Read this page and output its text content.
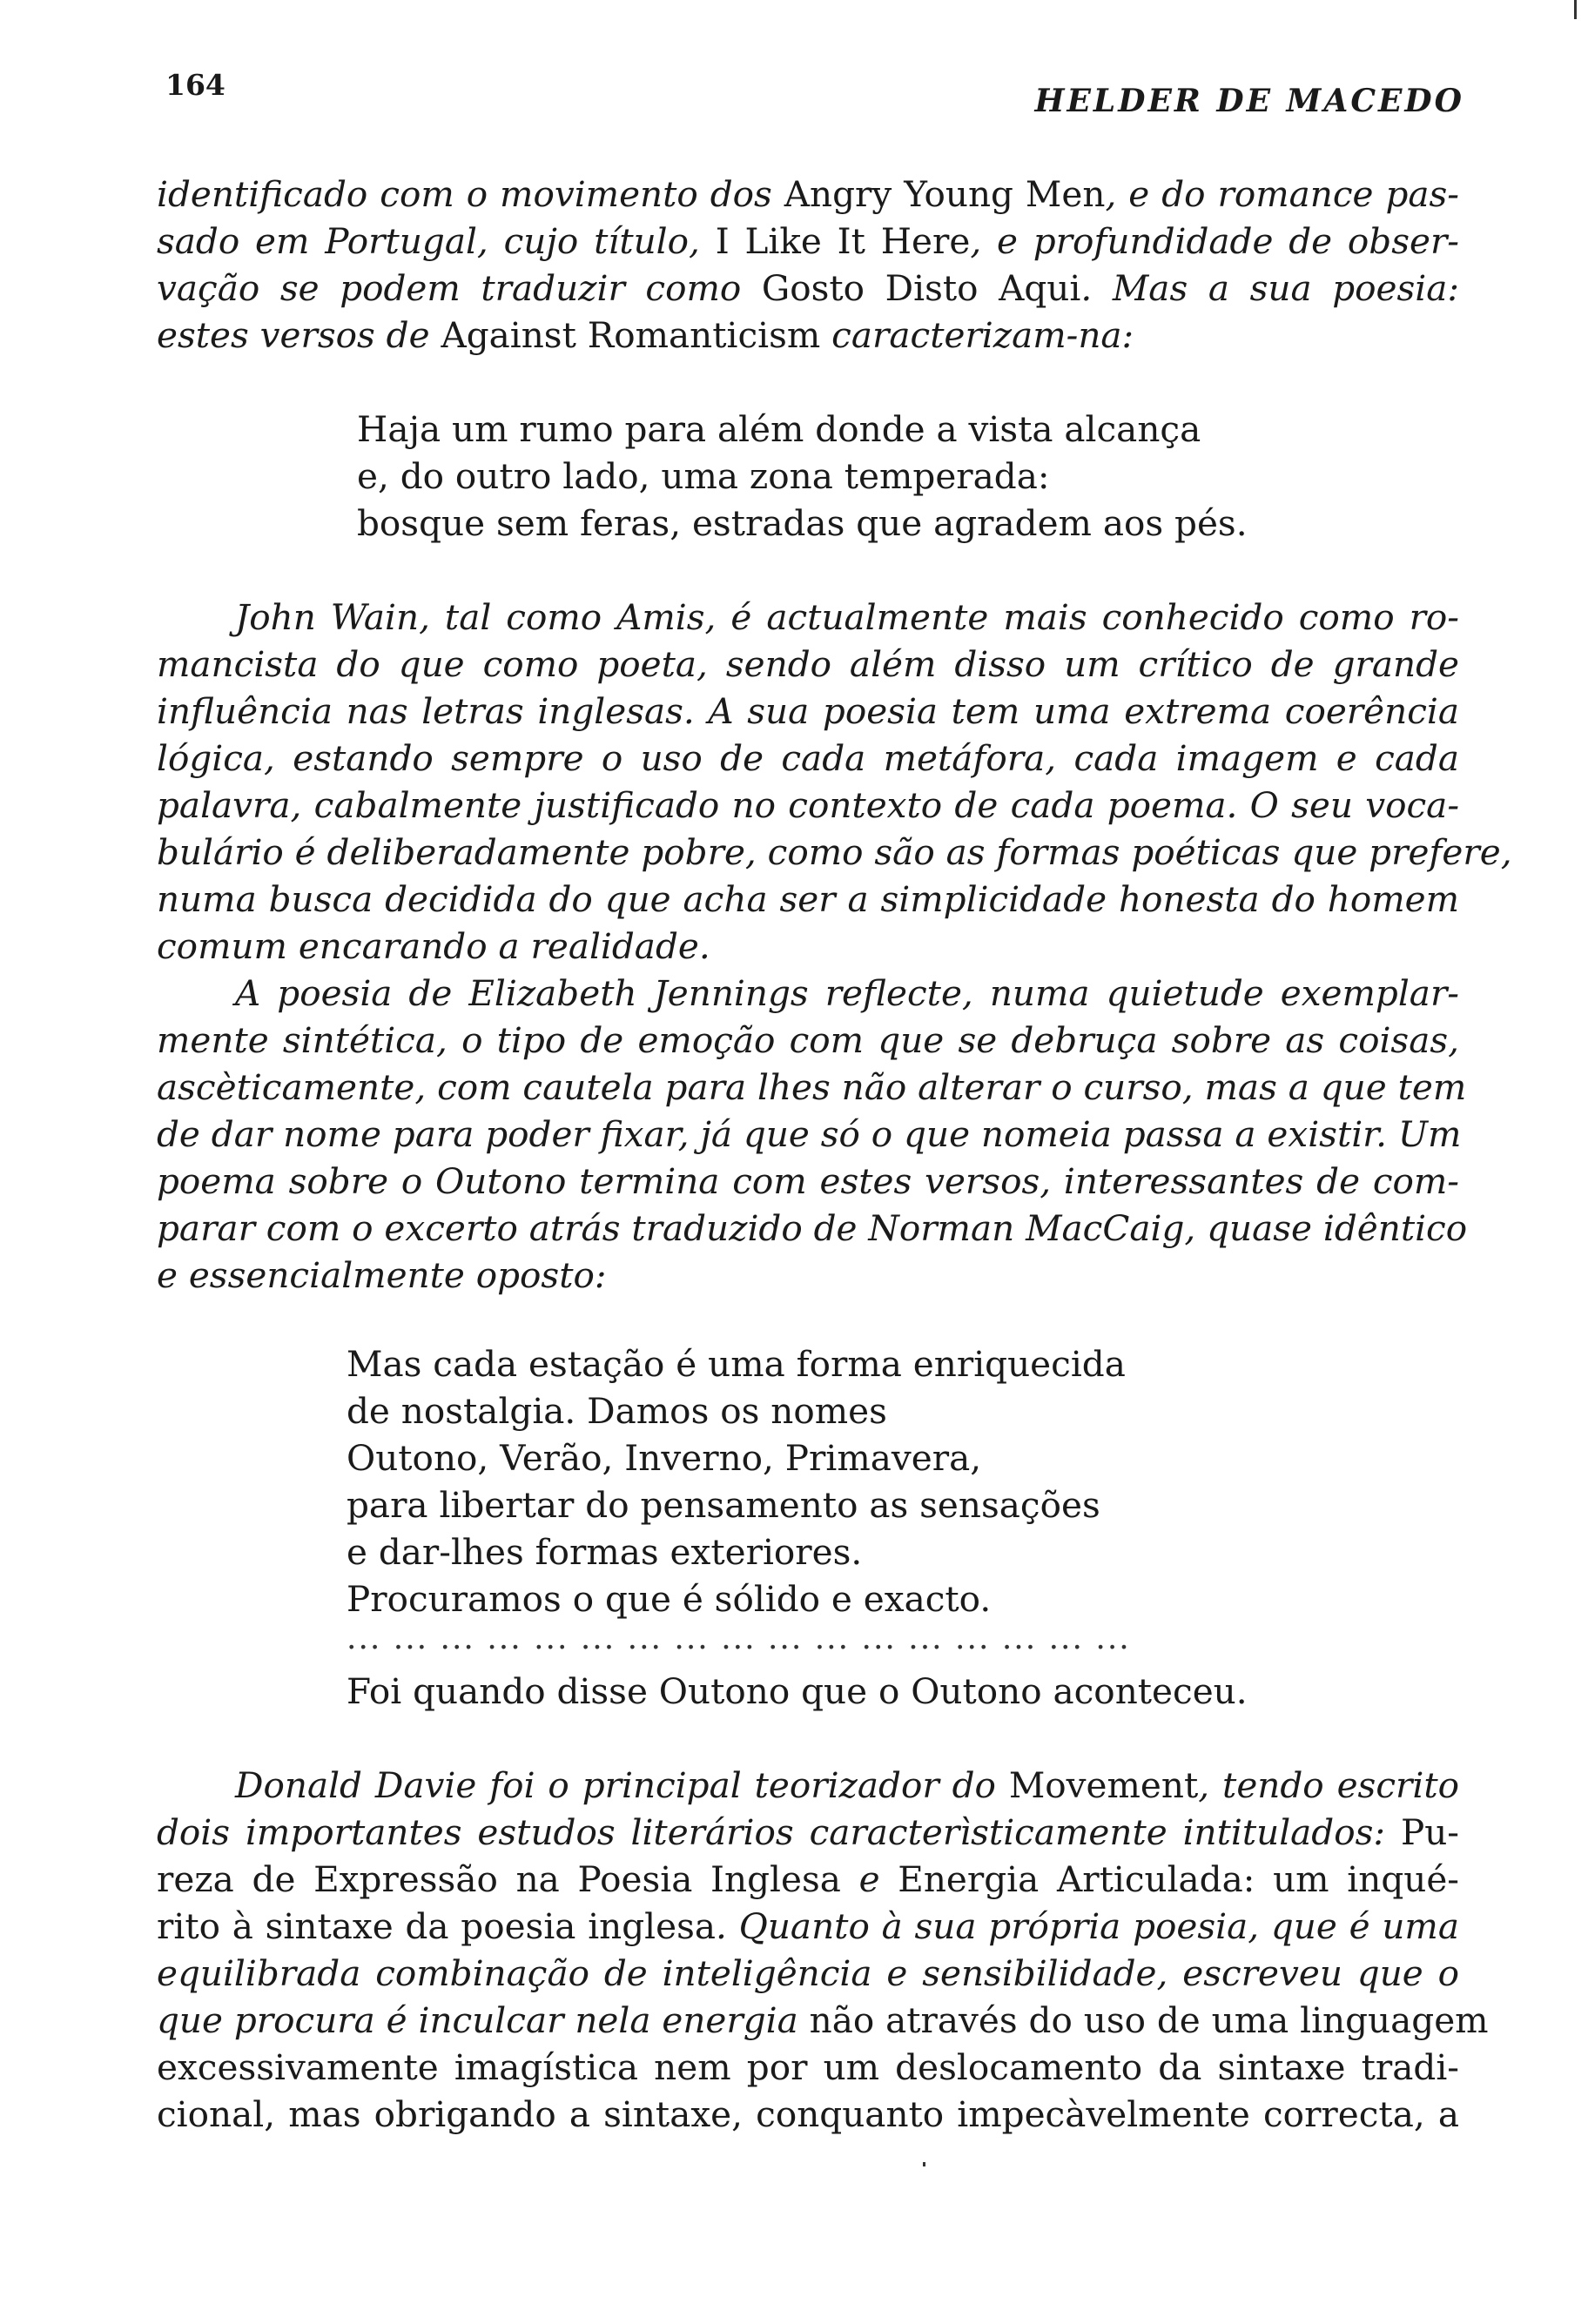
164	HELDER DE MACEDO
identificado com o movimento dos Angry Young Men, e do romance pas-
sado em Portugal, cujo título, I Like It Here, e profundidade de obser-
vação se podem traduzir como Gosto Disto Aqui. Mas a sua poesia:
estes versos de Against Romanticism caracterizam-na:
Haja um rumo para além donde a vista alcança
e, do outro lado, uma zona temperada:
bosque sem feras, estradas que agradem aos pés.
John Wain, tal como Amis, é actualmente mais conhecido como ro-
mancista do que como poeta, sendo além disso um crítico de grande
influência nas letras inglesas. A sua poesia tem uma extrema coerência
lógica, estando sempre o uso de cada metáfora, cada imagem e cada
palavra, cabalmente justificado no contexto de cada poema. O seu voca-
bulário é deliberadamente pobre, como são as formas poéticas que prefere,
numa busca decidida do que acha ser a simplicidade honesta do homem
comum encarando a realidade.
A poesia de Elizabeth Jennings reflecte, numa quietude exemplar-
mente sintética, o tipo de emoção com que se debruça sobre as coisas,
ascèticamente, com cautela para lhes não alterar o curso, mas a que tem
de dar nome para poder fixar, já que só o que nomeia passa a existir. Um
poema sobre o Outono termina com estes versos, interessantes de com-
parar com o excerto atrás traduzido de Norman MacCaig, quase idêntico
e essencialmente oposto:
Mas cada estação é uma forma enriquecida
de nostalgia. Damos os nomes
Outono, Verão, Inverno, Primavera,
para libertar do pensamento as sensações
e dar-lhes formas exteriores.
Procuramos o que é sólido e exacto.
... ... ... ... ... ... ... ... ... ... ... ... ... ... ... ... ...
Foi quando disse Outono que o Outono aconteceu.
Donald Davie foi o principal teorizador do Movement, tendo escrito
dois importantes estudos literários caracterìsticamente intitulados: Pu-
reza de Expressão na Poesia Inglesa e Energia Articulada: um inqué-
rito à sintaxe da poesia inglesa. Quanto à sua própria poesia, que é uma
equilibrada combinação de inteligência e sensibilidade, escreveu que o
que procura é inculcar nela energia não através do uso de uma linguagem
excessivamente imagística nem por um deslocamento da sintaxe tradi-
cional, mas obrigando a sintaxe, conquanto impecàvelmente correcta, a
